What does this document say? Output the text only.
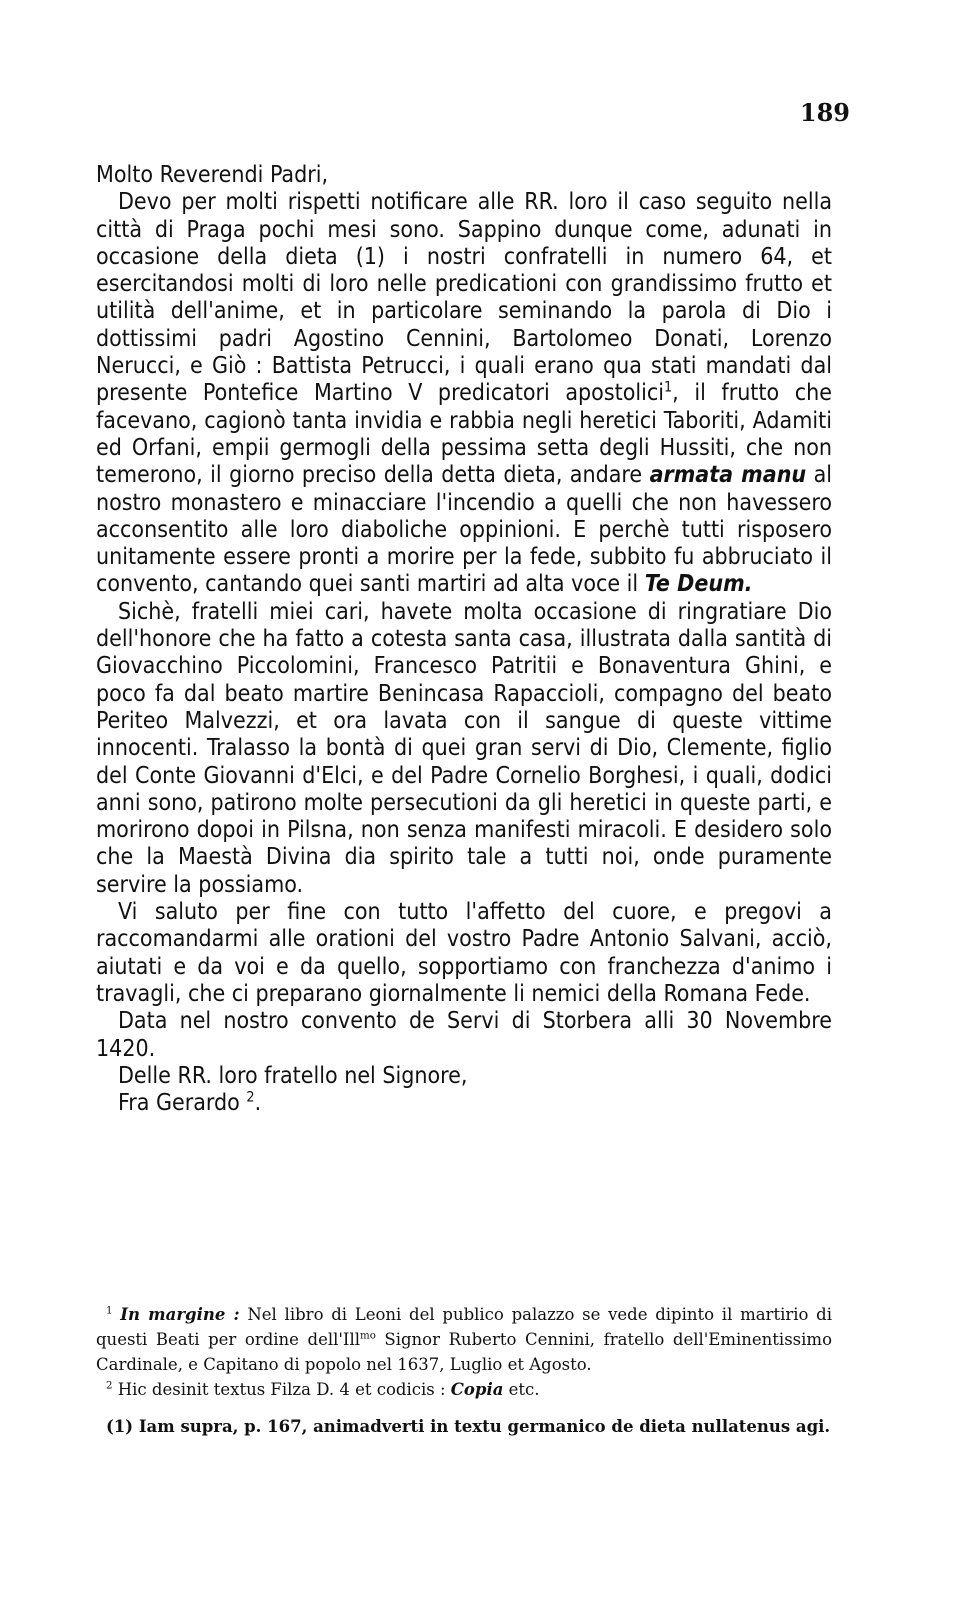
189

Molto Reverendi Padri,

Devo per molti rispetti notificare alle RR. loro il caso seguito nella città di Praga pochi mesi sono. Sappino dunque come, adunati in occasione della dieta (1) i nostri confratelli in numero 64, et esercitandosi molti di loro nelle predicationi con grandissimo frutto et utilità dell'anime, et in particolare seminando la parola di Dio i dottissimi padri Agostino Cennini, Bartolomeo Donati, Lorenzo Nerucci, e Giò : Battista Petrucci, i quali erano qua stati mandati dal presente Pontefice Martino V predicatori apostolici$^1$, il frutto che facevano, cagionò tanta invidia e rabbia negli heretici Taboriti, Adamiti ed Orfani, empii germogli della pessima setta degli Hussiti, che non temerono, il giorno preciso della detta dieta, andare armata manu al nostro monastero e minacciare l'incendio a quelli che non havessero acconsentito alle loro diaboliche oppinioni. E perchè tutti risposero unitamente essere pronti a morire per la fede, subbito fu abbruciato il convento, cantando quei santi martiri ad alta voce il Te Deum.

Sichè, fratelli miei cari, havete molta occasione di ringratiare Dio dell'honore che ha fatto a cotesta santa casa, illustrata dalla santità di Giovacchino Piccolomini, Francesco Patritii e Bonaventura Ghini, e poco fa dal beato martire Benincasa Rapaccioli, compagno del beato Periteo Malvezzi, et ora lavata con il sangue di queste vittime innocenti. Tralasso la bontà di quei gran servi di Dio, Clemente, figlio del Conte Giovanni d'Elci, e del Padre Cornelio Borghesi, i quali, dodici anni sono, patirono molte persecutioni da gli heretici in queste parti, e morirono dopoi in Pilsna, non senza manifesti miracoli. E desidero solo che la Maestà Divina dia spirito tale a tutti noi, onde puramente servire la possiamo.

Vi saluto per fine con tutto l'affetto del cuore, e pregovi a raccomandarmi alle orationi del vostro Padre Antonio Salvani, acciò, aiutati e da voi e da quello, sopportiamo con franchezza d'animo i travagli, che ci preparano giornalmente li nemici della Romana Fede.

Data nel nostro convento de Servi di Storbera alli 30 Novembre 1420.

Delle RR. loro fratello nel Signore,

Fra Gerardo $^2$.

$^1$ In margine : Nel libro di Leoni del publico palazzo se vede dipinto il martirio di questi Beati per ordine dell'Ill$^{mo}$ Signor Ruberto Cennini, fratello dell'Eminentissimo Cardinale, e Capitano di popolo nel 1637, Luglio et Agosto.

$^2$ Hic desinit textus Filza D. 4 et codicis : Copia etc.

(1) Iam supra, p. 167, animadverti in textu germanico de dieta nullatenus agi.
